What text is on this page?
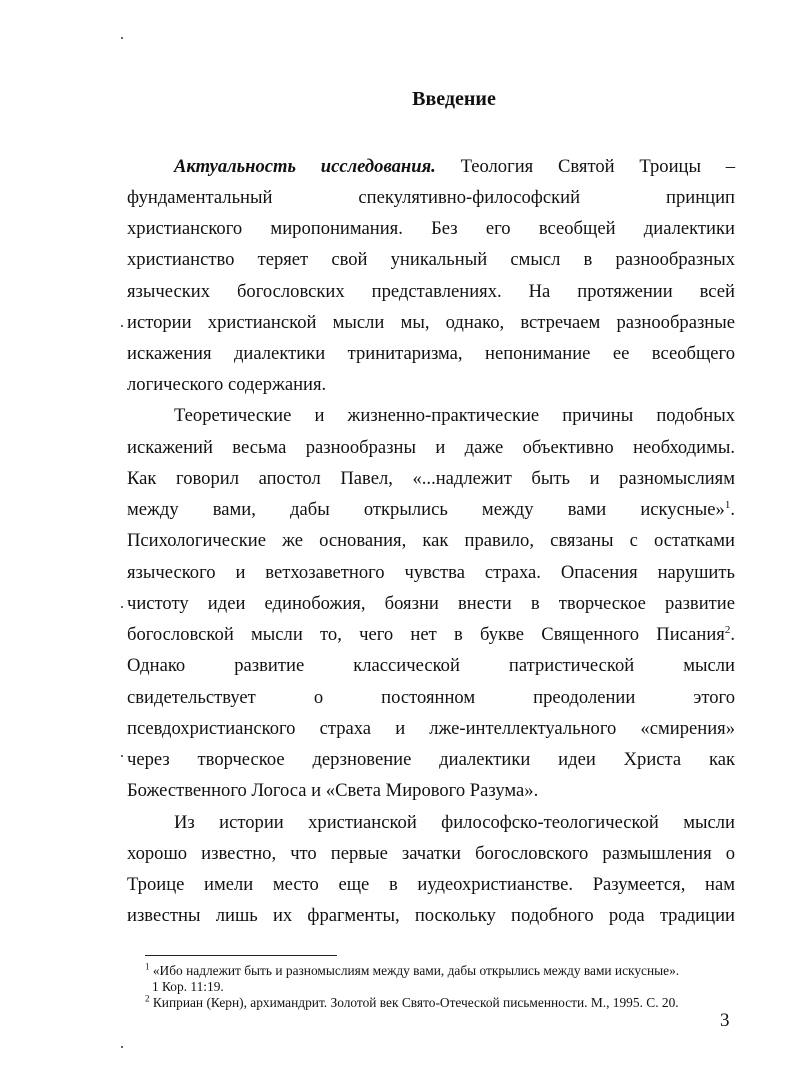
Введение
Актуальность исследования. Теология Святой Троицы –
фундаментальный спекулятивно-философский принцип
христианского миропонимания. Без его всеобщей диалектики
христианство теряет свой уникальный смысл в разнообразных
языческих богословских представлениях. На протяжении всей
истории христианской мысли мы, однако, встречаем разнообразные
искажения диалектики тринитаризма, непонимание ее всеобщего
логического содержания.
Теоретические и жизненно-практические причины подобных
искажений весьма разнообразны и даже объективно необходимы.
Как говорил апостол Павел, «...надлежит быть и разномыслиям
между вами, дабы открылись между вами искусные»$^1$.
Психологические же основания, как правило, связаны с остатками
языческого и ветхозаветного чувства страха. Опасения нарушить
чистоту идеи единобожия, боязни внести в творческое развитие
богословской мысли то, чего нет в букве Священного Писания$^2$.
Однако развитие классической патристической мысли
свидетельствует о постоянном преодолении этого
псевдохристианского страха и лже-интеллектуального «смирения»
через творческое дерзновение диалектики идеи Христа как
Божественного Логоса и «Света Мирового Разума».
Из истории христианской философско-теологической мысли
хорошо известно, что первые зачатки богословского размышления о
Троице имели место еще в иудеохристианстве. Разумеется, нам
известны лишь их фрагменты, поскольку подобного рода традиции
$^1$ «Ибо надлежит быть и разномыслиям между вами, дабы открылись между вами искусные».
1 Кор. 11:19.
$^2$ Киприан (Керн), архимандрит. Золотой век Свято-Отеческой письменности. М., 1995. С. 20.
3
